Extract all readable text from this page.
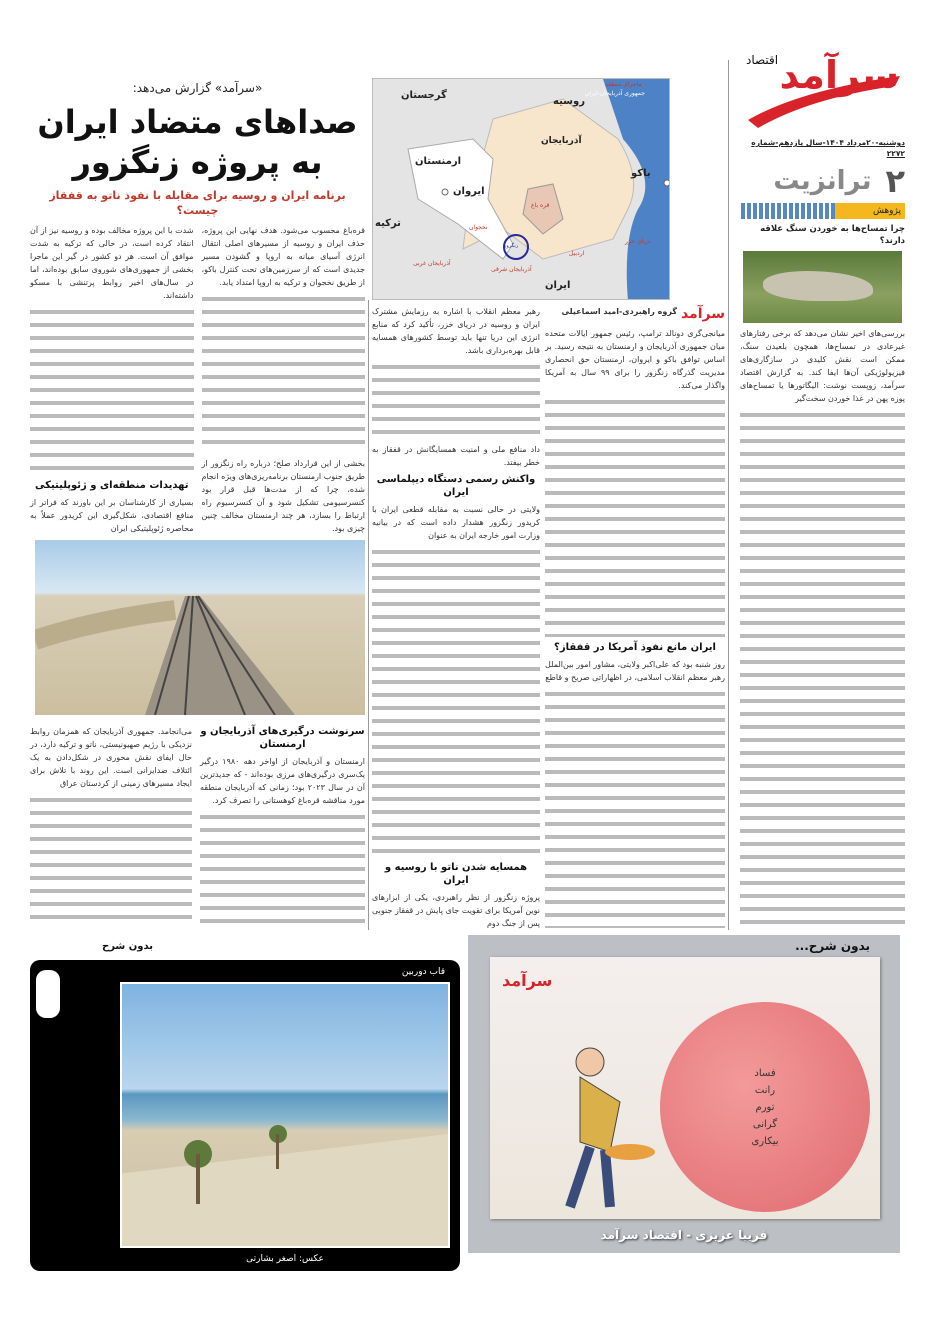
سرآمد
اقتصاد
دوشنبه-۲۰مرداد ۱۴۰۴-سال یازدهم-شماره ۲۲۷۲
۲
ترانزیت
پژوهش
چرا تمساح‌ها به خوردن سنگ علاقه دارند؟
بررسی‌های اخیر نشان می‌دهد که برخی رفتارهای غیرعادی در تمساح‌ها، همچون بلعیدن سنگ، ممکن است نقش کلیدی در سازگاری‌های فیزیولوژیکی آن‌ها ایفا کند. به گزارش اقتصاد سرآمد، زوپست نوشت: الیگاتورها یا تمساح‌های پوزه پهن در غذا خوردن سخت‌گیر
«سرآمد» گزارش می‌دهد:
صداهای متضاد ایران به پروژه زنگزور
برنامه ایران و روسیه برای مقابله با نفوذ ناتو به قفقاز چیست؟
قره‌باغ محسوب می‌شود. هدف نهایی این پروژه، حذف ایران و روسیه از مسیرهای اصلی انتقال انرژی آسیای میانه به اروپا و گشودن مسیر جدیدی است که از سرزمین‌های تحت کنترل باکو، از طریق نخجوان و ترکیه به اروپا امتداد یابد.
بخشی از این قرارداد صلح؛ درباره راه زنگزور از طریق جنوب ارمنستان برنامه‌ریزی‌های ویژه انجام شده، چرا که از مدت‌ها قبل قرار بود کنسرسیومی تشکیل شود و آن کنسرسیوم راه ارتباط را بسازد، هر چند ارمنستان مخالف چنین چیزی بود.
شدت با این پروژه مخالف بوده و روسیه نیز از آن انتقاد کرده است، در حالی که ترکیه به شدت موافق آن است. هر دو کشور در گیر این ماجرا بخشی از جمهوری‌های شوروی سابق بوده‌اند، اما در سال‌های اخیر روابط پرتنشی با مسکو داشته‌اند.
تهدیدات منطقه‌ای و ژئوپلیتیکی
بسیاری از کارشناسان بر این باورند که فراتر از منافع اقتصادی، شکل‌گیری این کریدور عملاً به محاصره ژئوپلیتیکی ایران
گرجستان
روسیه
آذربایجان
ارمنستان
ایروان
باکو
ترکیه
ایران
قره باغ
نخجوان
زنگزور
آذربایجان شرقی
آذربایجان غربی
اردبیل
دریای خزر
ماجرای منطقه
جمهوری آذربایجان-ایران
سرنوشت درگیری‌های آذربایجان و ارمنستان
ارمنستان و آذربایجان از اواخر دهه ۱۹۸۰ درگیر یک‌سری درگیری‌های مرزی بوده‌اند - که جدیدترین آن در سال ۲۰۲۳ بود؛ زمانی که آذربایجان منطقه مورد مناقشه قره‌باغ کوهستانی را تصرف کرد.
می‌انجامد. جمهوری آذربایجان که همزمان روابط نزدیکی با رژیم صهیونیستی، ناتو و ترکیه دارد، در حال ایفای نقش محوری در شکل‌دادن به یک ائتلاف ضدایرانی است. این روند با تلاش برای ایجاد مسیرهای زمینی از کردستان عراق
سرآمد
گروه راهبردی-امید اسماعیلی
میانجی‌گری دونالد ترامپ، رئیس جمهور ایالات متحده میان جمهوری آذربایجان و ارمنستان به نتیجه رسید. بر اساس توافق باکو و ایروان، ارمنستان حق انحصاری مدیریت گذرگاه زنگزور را برای ۹۹ سال به آمریکا واگذار می‌کند.
ایران مانع نفوذ آمریکا در قفقاز؟
روز شنبه بود که علی‌اکبر ولایتی، مشاور امور بین‌الملل رهبر معظم انقلاب اسلامی، در اظهاراتی صریح و قاطع
رهبر معظم انقلاب با اشاره به رزمایش مشترک ایران و روسیه در دریای خزر، تأکید کرد که منابع انرژی این دریا تنها باید توسط کشورهای همسایه قابل بهره‌برداری باشد.
داد منافع ملی و امنیت همسایگانش در قفقاز به خطر بیفتد.
واکنش رسمی دستگاه دیپلماسی ایران
ولایتی در حالی نسبت به مقابله قطعی ایران با کریدور زنگزور هشدار داده است که در بیانیه وزارت امور خارجه ایران به عنوان
همسایه شدن ناتو با روسیه و ایران
پروژه زنگزور از نظر راهبردی، یکی از ابزارهای نوین آمریکا برای تقویت جای پایش در قفقاز جنوبی پس از جنگ دوم
بدون شرح
قاب دوربین
عکس: اصغر بشارتی
بدون شرح...
سرآمد
فساد
رانت
تورم
گرانی
بیکاری
فریبا عزیزی - اقتصاد سرآمد
